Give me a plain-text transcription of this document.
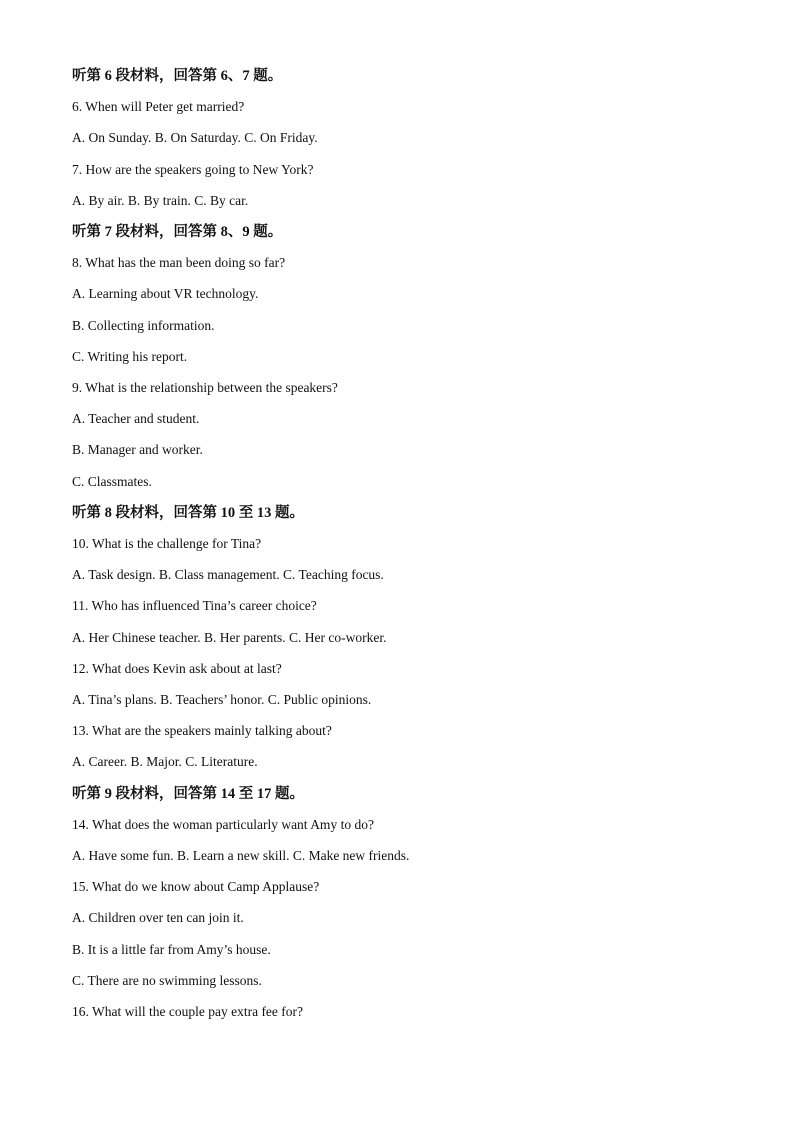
听第 6 段材料，回答第 6、7 题。
6. When will Peter get married?
A. On Sunday. B. On Saturday. C. On Friday.
7. How are the speakers going to New York?
A. By air. B. By train. C. By car.
听第 7 段材料，回答第 8、9 题。
8. What has the man been doing so far?
A. Learning about VR technology.
B. Collecting information.
C. Writing his report.
9. What is the relationship between the speakers?
A. Teacher and student.
B. Manager and worker.
C. Classmates.
听第 8 段材料，回答第 10 至 13 题。
10. What is the challenge for Tina?
A. Task design. B. Class management. C. Teaching focus.
11. Who has influenced Tina’s career choice?
A. Her Chinese teacher. B. Her parents. C. Her co-worker.
12. What does Kevin ask about at last?
A. Tina’s plans. B. Teachers’ honor. C. Public opinions.
13. What are the speakers mainly talking about?
A. Career. B. Major. C. Literature.
听第 9 段材料，回答第 14 至 17 题。
14. What does the woman particularly want Amy to do?
A. Have some fun. B. Learn a new skill. C. Make new friends.
15. What do we know about Camp Applause?
A. Children over ten can join it.
B. It is a little far from Amy’s house.
C. There are no swimming lessons.
16. What will the couple pay extra fee for?
